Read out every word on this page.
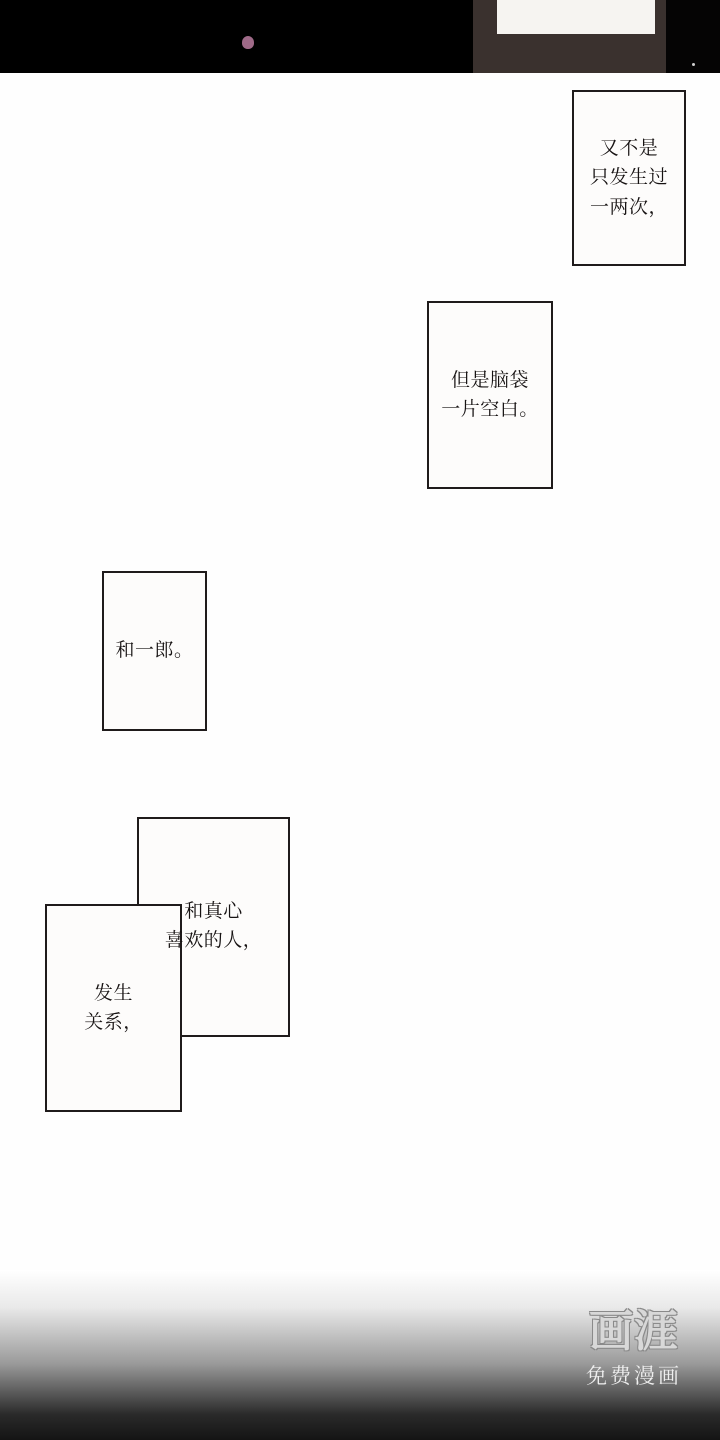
又不是
只发生过
一两次，
但是脑袋
一片空白。
和一郎。
和真心
喜欢的人，
发生
关系，
画涯
免费漫画
